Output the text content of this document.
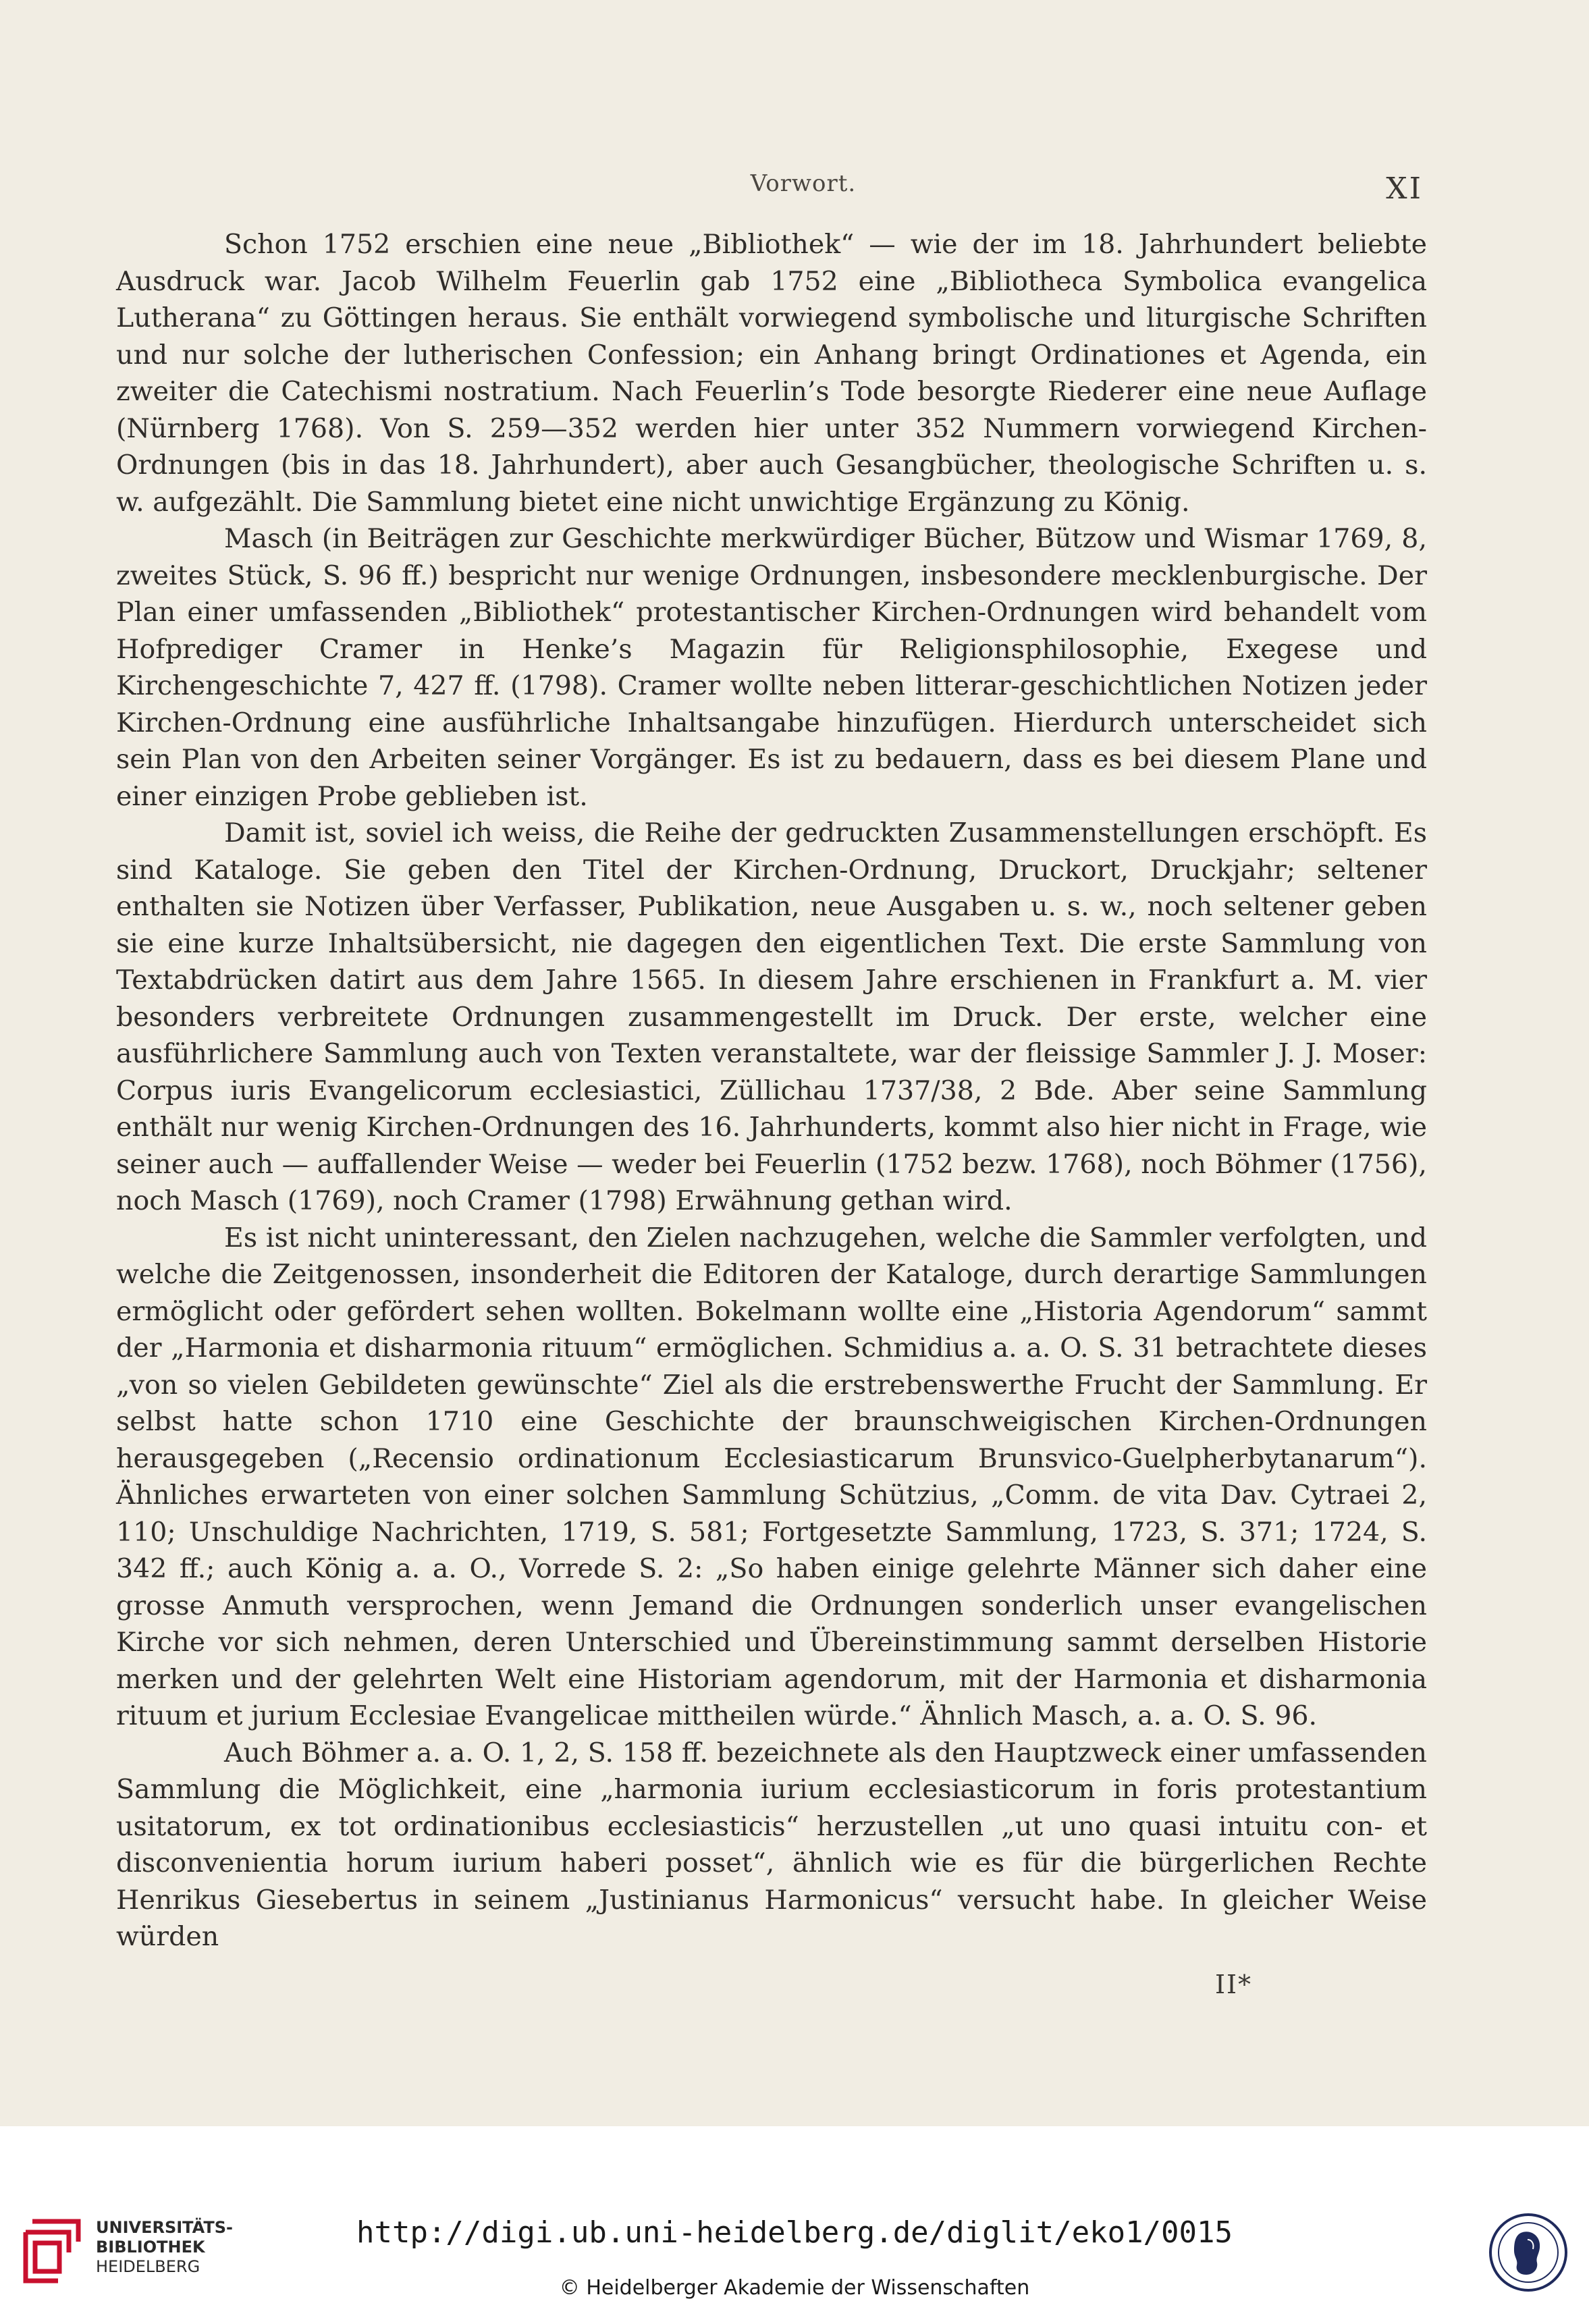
Vorwort.	XI

Schon 1752 erschien eine neue „Bibliothek“ — wie der im 18. Jahrhundert beliebte Ausdruck war. Jacob Wilhelm Feuerlin gab 1752 eine „Bibliotheca Symbolica evangelica Lutherana“ zu Göttingen heraus. Sie enthält vorwiegend symbolische und liturgische Schriften und nur solche der lutherischen Confession; ein Anhang bringt Ordinationes et Agenda, ein zweiter die Catechismi nostratium. Nach Feuerlin’s Tode besorgte Riederer eine neue Auflage (Nürnberg 1768). Von S. 259—352 werden hier unter 352 Nummern vorwiegend Kirchen-Ordnungen (bis in das 18. Jahrhundert), aber auch Gesangbücher, theologische Schriften u. s. w. aufgezählt. Die Sammlung bietet eine nicht unwichtige Ergänzung zu König.

Masch (in Beiträgen zur Geschichte merkwürdiger Bücher, Bützow und Wismar 1769, 8, zweites Stück, S. 96 ff.) bespricht nur wenige Ordnungen, insbesondere mecklenburgische. Der Plan einer umfassenden „Bibliothek“ protestantischer Kirchen-Ordnungen wird behandelt vom Hofprediger Cramer in Henke’s Magazin für Religionsphilosophie, Exegese und Kirchengeschichte 7, 427 ff. (1798). Cramer wollte neben litterar-geschichtlichen Notizen jeder Kirchen-Ordnung eine ausführliche Inhaltsangabe hinzufügen. Hierdurch unterscheidet sich sein Plan von den Arbeiten seiner Vorgänger. Es ist zu bedauern, dass es bei diesem Plane und einer einzigen Probe geblieben ist.

Damit ist, soviel ich weiss, die Reihe der gedruckten Zusammenstellungen erschöpft. Es sind Kataloge. Sie geben den Titel der Kirchen-Ordnung, Druckort, Druckjahr; seltener enthalten sie Notizen über Verfasser, Publikation, neue Ausgaben u. s. w., noch seltener geben sie eine kurze Inhaltsübersicht, nie dagegen den eigentlichen Text. Die erste Sammlung von Textabdrücken datirt aus dem Jahre 1565. In diesem Jahre erschienen in Frankfurt a. M. vier besonders verbreitete Ordnungen zusammengestellt im Druck. Der erste, welcher eine ausführlichere Sammlung auch von Texten veranstaltete, war der fleissige Sammler J. J. Moser: Corpus iuris Evangelicorum ecclesiastici, Züllichau 1737/38, 2 Bde. Aber seine Sammlung enthält nur wenig Kirchen-Ordnungen des 16. Jahrhunderts, kommt also hier nicht in Frage, wie seiner auch — auffallender Weise — weder bei Feuerlin (1752 bezw. 1768), noch Böhmer (1756), noch Masch (1769), noch Cramer (1798) Erwähnung gethan wird.

Es ist nicht uninteressant, den Zielen nachzugehen, welche die Sammler verfolgten, und welche die Zeitgenossen, insonderheit die Editoren der Kataloge, durch derartige Sammlungen ermöglicht oder gefördert sehen wollten. Bokelmann wollte eine „Historia Agendorum“ sammt der „Harmonia et disharmonia rituum“ ermöglichen. Schmidius a. a. O. S. 31 betrachtete dieses „von so vielen Gebildeten gewünschte“ Ziel als die erstrebenswerthe Frucht der Sammlung. Er selbst hatte schon 1710 eine Geschichte der braunschweigischen Kirchen-Ordnungen herausgegeben („Recensio ordinationum Ecclesiasticarum Brunsvico-Guelpherbytanarum“). Ähnliches erwarteten von einer solchen Sammlung Schützius, „Comm. de vita Dav. Cytraei 2, 110; Unschuldige Nachrichten, 1719, S. 581; Fortgesetzte Sammlung, 1723, S. 371; 1724, S. 342 ff.; auch König a. a. O., Vorrede S. 2: „So haben einige gelehrte Männer sich daher eine grosse Anmuth versprochen, wenn Jemand die Ordnungen sonderlich unser evangelischen Kirche vor sich nehmen, deren Unterschied und Übereinstimmung sammt derselben Historie merken und der gelehrten Welt eine Historiam agendorum, mit der Harmonia et disharmonia rituum et jurium Ecclesiae Evangelicae mittheilen würde.“ Ähnlich Masch, a. a. O. S. 96.

Auch Böhmer a. a. O. 1, 2, S. 158 ff. bezeichnete als den Hauptzweck einer umfassenden Sammlung die Möglichkeit, eine „harmonia iurium ecclesiasticorum in foris protestantium usitatorum, ex tot ordinationibus ecclesiasticis“ herzustellen „ut uno quasi intuitu con- et disconvenientia horum iurium haberi posset“, ähnlich wie es für die bürgerlichen Rechte Henrikus Giesebertus in seinem „Justinianus Harmonicus“ versucht habe. In gleicher Weise würden

II*
UNIVERSITÄTS-
BIBLIOTHEK
HEIDELBERG
http://digi.ub.uni-heidelberg.de/diglit/eko1/0015
© Heidelberger Akademie der Wissenschaften
